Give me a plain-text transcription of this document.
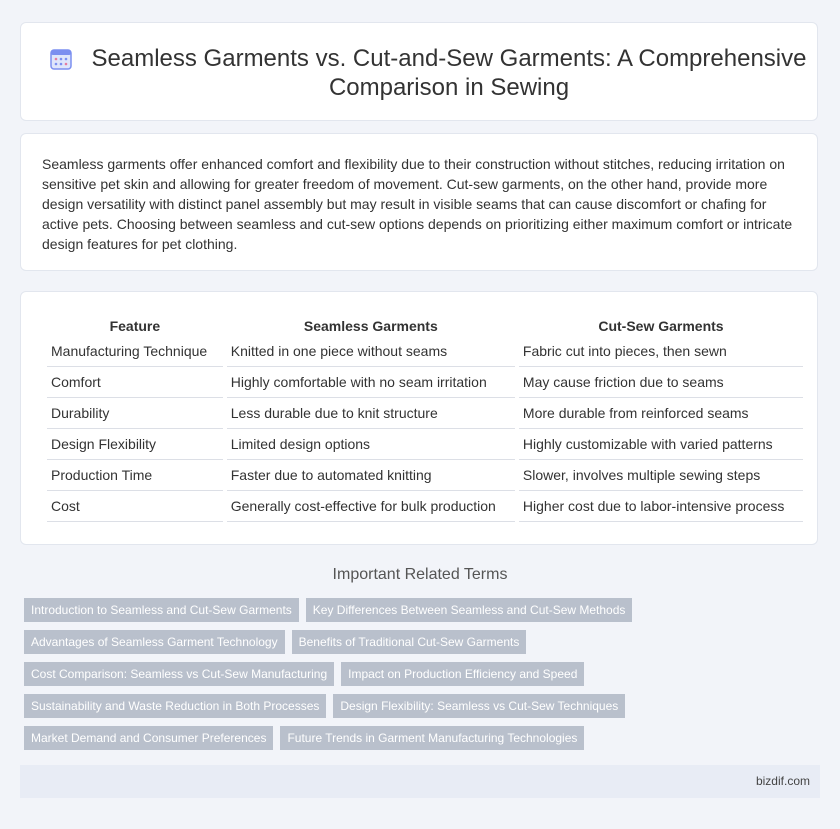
Seamless Garments vs. Cut-and-Sew Garments: A Comprehensive Comparison in Sewing

Seamless garments offer enhanced comfort and flexibility due to their construction without stitches, reducing irritation on sensitive pet skin and allowing for greater freedom of movement. Cut-sew garments, on the other hand, provide more design versatility with distinct panel assembly but may result in visible seams that can cause discomfort or chafing for active pets. Choosing between seamless and cut-sew options depends on prioritizing either maximum comfort or intricate design features for pet clothing.

Feature	Seamless Garments	Cut-Sew Garments
Manufacturing Technique	Knitted in one piece without seams	Fabric cut into pieces, then sewn
Comfort	Highly comfortable with no seam irritation	May cause friction due to seams
Durability	Less durable due to knit structure	More durable from reinforced seams
Design Flexibility	Limited design options	Highly customizable with varied patterns
Production Time	Faster due to automated knitting	Slower, involves multiple sewing steps
Cost	Generally cost-effective for bulk production	Higher cost due to labor-intensive process
Important Related Terms
Introduction to Seamless and Cut-Sew Garments	Key Differences Between Seamless and Cut-Sew Methods
Advantages of Seamless Garment Technology	Benefits of Traditional Cut-Sew Garments
Cost Comparison: Seamless vs Cut-Sew Manufacturing	Impact on Production Efficiency and Speed
Sustainability and Waste Reduction in Both Processes	Design Flexibility: Seamless vs Cut-Sew Techniques
Market Demand and Consumer Preferences	Future Trends in Garment Manufacturing Technologies
bizdif.com
